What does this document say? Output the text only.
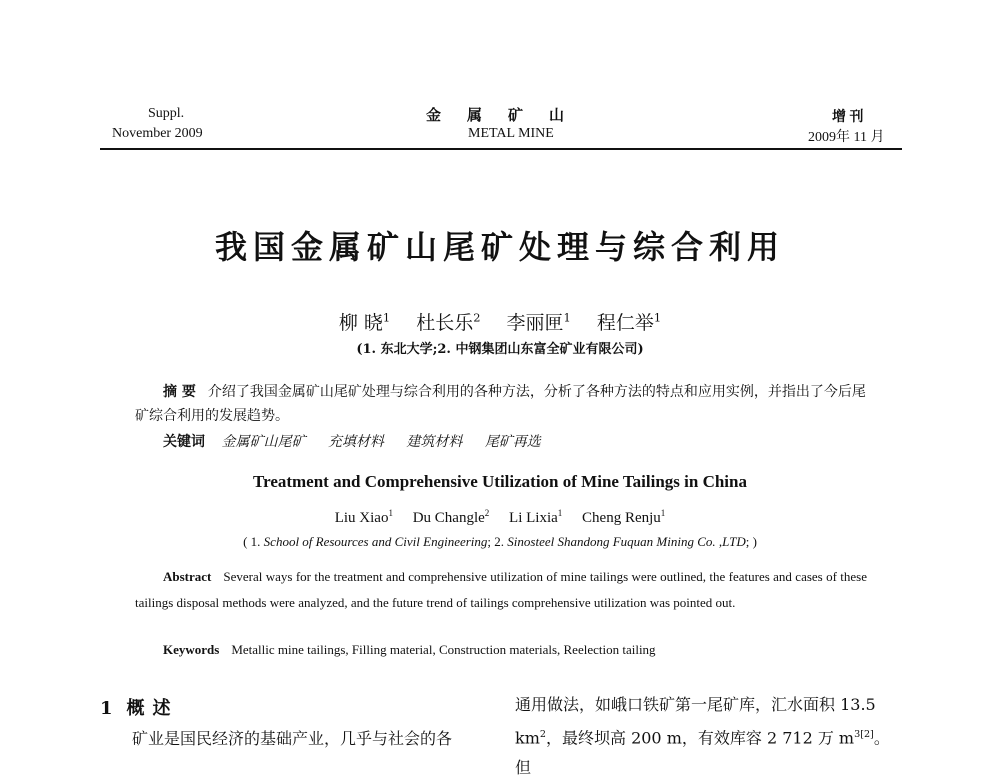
Suppl.
November 2009
金属矿山
METAL MINE
增 刊
2009年 11 月
我国金属矿山尾矿处理与综合利用
柳 晓$^1$ 杜长乐$^2$ 李丽匣$^1$ 程仁举$^1$
(1. 东北大学;2. 中钢集团山东富全矿业有限公司)
摘 要 介绍了我国金属矿山尾矿处理与综合利用的各种方法，分析了各种方法的特点和应用实例，并指出了今后尾矿综合利用的发展趋势。
关键词 金属矿山尾矿 充填材料 建筑材料 尾矿再选
Treatment and Comprehensive Utilization of Mine Tailings in China
Liu Xiao$^1$ Du Changle$^2$ Li Lixia$^1$ Cheng Renju$^1$
( 1. School of Resources and Civil Engineering; 2. Sinosteel Shandong Fuquan Mining Co. ,LTD; )
Abstract Several ways for the treatment and comprehensive utilization of mine tailings were outlined, the features and cases of these tailings disposal methods were analyzed, and the future trend of tailings comprehensive utilization was pointed out.
Keywords Metallic mine tailings, Filling material, Construction materials, Reelection tailing
1 概述
矿业是国民经济的基础产业，几乎与社会的各
通用做法，如峨口铁矿第一尾矿库，汇水面积 13.5
$km^2$，最终坝高 200 m，有效库容 2 712 万 $m^{3[2]}$。但
